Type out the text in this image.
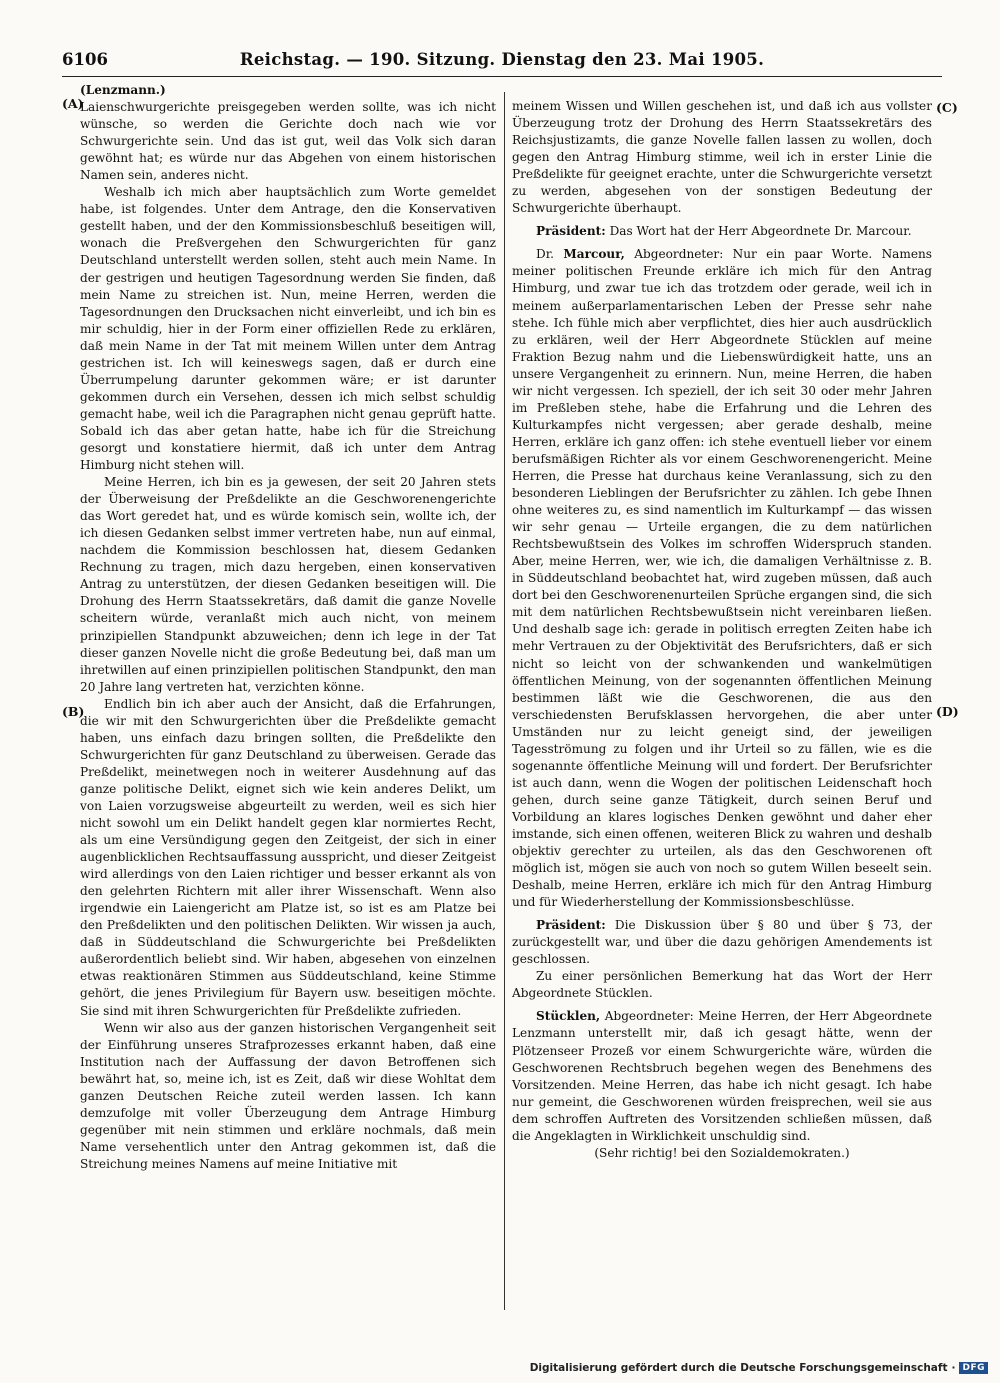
6106	Reichstag. — 190. Sitzung. Dienstag den 23. Mai 1905.
(A)
(B)
(C)
(D)

(Lenzmann.)

Laienschwurgerichte preisgegeben werden sollte, was ich nicht wünsche, so werden die Gerichte doch nach wie vor Schwurgerichte sein. Und das ist gut, weil das Volk sich daran gewöhnt hat; es würde nur das Abgehen von einem historischen Namen sein, anderes nicht.

Weshalb ich mich aber hauptsächlich zum Worte gemeldet habe, ist folgendes. Unter dem Antrage, den die Konservativen gestellt haben, und der den Kommissionsbeschluß beseitigen will, wonach die Preßvergehen den Schwurgerichten für ganz Deutschland unterstellt werden sollen, steht auch mein Name. In der gestrigen und heutigen Tagesordnung werden Sie finden, daß mein Name zu streichen ist. Nun, meine Herren, werden die Tagesordnungen den Drucksachen nicht einverleibt, und ich bin es mir schuldig, hier in der Form einer offiziellen Rede zu erklären, daß mein Name in der Tat mit meinem Willen unter dem Antrag gestrichen ist. Ich will keineswegs sagen, daß er durch eine Überrumpelung darunter gekommen wäre; er ist darunter gekommen durch ein Versehen, dessen ich mich selbst schuldig gemacht habe, weil ich die Paragraphen nicht genau geprüft hatte. Sobald ich das aber getan hatte, habe ich für die Streichung gesorgt und konstatiere hiermit, daß ich unter dem Antrag Himburg nicht stehen will.

Meine Herren, ich bin es ja gewesen, der seit 20 Jahren stets der Überweisung der Preßdelikte an die Geschworenengerichte das Wort geredet hat, und es würde komisch sein, wollte ich, der ich diesen Gedanken selbst immer vertreten habe, nun auf einmal, nachdem die Kommission beschlossen hat, diesem Gedanken Rechnung zu tragen, mich dazu hergeben, einen konservativen Antrag zu unterstützen, der diesen Gedanken beseitigen will. Die Drohung des Herrn Staatssekretärs, daß damit die ganze Novelle scheitern würde, veranlaßt mich auch nicht, von meinem prinzipiellen Standpunkt abzuweichen; denn ich lege in der Tat dieser ganzen Novelle nicht die große Bedeutung bei, daß man um ihretwillen auf einen prinzipiellen politischen Standpunkt, den man 20 Jahre lang vertreten hat, verzichten könne.

Endlich bin ich aber auch der Ansicht, daß die Erfahrungen, die wir mit den Schwurgerichten über die Preßdelikte gemacht haben, uns einfach dazu bringen sollten, die Preßdelikte den Schwurgerichten für ganz Deutschland zu überweisen. Gerade das Preßdelikt, meinetwegen noch in weiterer Ausdehnung auf das ganze politische Delikt, eignet sich wie kein anderes Delikt, um von Laien vorzugsweise abgeurteilt zu werden, weil es sich hier nicht sowohl um ein Delikt handelt gegen klar normiertes Recht, als um eine Versündigung gegen den Zeitgeist, der sich in einer augenblicklichen Rechtsauffassung ausspricht, und dieser Zeitgeist wird allerdings von den Laien richtiger und besser erkannt als von den gelehrten Richtern mit aller ihrer Wissenschaft. Wenn also irgendwie ein Laiengericht am Platze ist, so ist es am Platze bei den Preßdelikten und den politischen Delikten. Wir wissen ja auch, daß in Süddeutschland die Schwurgerichte bei Preßdelikten außerordentlich beliebt sind. Wir haben, abgesehen von einzelnen etwas reaktionären Stimmen aus Süddeutschland, keine Stimme gehört, die jenes Privilegium für Bayern usw. beseitigen möchte. Sie sind mit ihren Schwurgerichten für Preßdelikte zufrieden.

Wenn wir also aus der ganzen historischen Vergangenheit seit der Einführung unseres Strafprozesses erkannt haben, daß eine Institution nach der Auffassung der davon Betroffenen sich bewährt hat, so, meine ich, ist es Zeit, daß wir diese Wohltat dem ganzen Deutschen Reiche zuteil werden lassen. Ich kann demzufolge mit voller Überzeugung dem Antrage Himburg gegenüber mit nein stimmen und erkläre nochmals, daß mein Name versehentlich unter den Antrag gekommen ist, daß die Streichung meines Namens auf meine Initiative mit

meinem Wissen und Willen geschehen ist, und daß ich aus vollster Überzeugung trotz der Drohung des Herrn Staatssekretärs des Reichsjustizamts, die ganze Novelle fallen lassen zu wollen, doch gegen den Antrag Himburg stimme, weil ich in erster Linie die Preßdelikte für geeignet erachte, unter die Schwurgerichte versetzt zu werden, abgesehen von der sonstigen Bedeutung der Schwurgerichte überhaupt.

Präsident: Das Wort hat der Herr Abgeordnete Dr. Marcour.

Dr. Marcour, Abgeordneter: Nur ein paar Worte. Namens meiner politischen Freunde erkläre ich mich für den Antrag Himburg, und zwar tue ich das trotzdem oder gerade, weil ich in meinem außerparlamentarischen Leben der Presse sehr nahe stehe. Ich fühle mich aber verpflichtet, dies hier auch ausdrücklich zu erklären, weil der Herr Abgeordnete Stücklen auf meine Fraktion Bezug nahm und die Liebenswürdigkeit hatte, uns an unsere Vergangenheit zu erinnern. Nun, meine Herren, die haben wir nicht vergessen. Ich speziell, der ich seit 30 oder mehr Jahren im Preßleben stehe, habe die Erfahrung und die Lehren des Kulturkampfes nicht vergessen; aber gerade deshalb, meine Herren, erkläre ich ganz offen: ich stehe eventuell lieber vor einem berufsmäßigen Richter als vor einem Geschworenengericht. Meine Herren, die Presse hat durchaus keine Veranlassung, sich zu den besonderen Lieblingen der Berufsrichter zu zählen. Ich gebe Ihnen ohne weiteres zu, es sind namentlich im Kulturkampf — das wissen wir sehr genau — Urteile ergangen, die zu dem natürlichen Rechtsbewußtsein des Volkes im schroffen Widerspruch standen. Aber, meine Herren, wer, wie ich, die damaligen Verhältnisse z. B. in Süddeutschland beobachtet hat, wird zugeben müssen, daß auch dort bei den Geschworenenurteilen Sprüche ergangen sind, die sich mit dem natürlichen Rechtsbewußtsein nicht vereinbaren ließen. Und deshalb sage ich: gerade in politisch erregten Zeiten habe ich mehr Vertrauen zu der Objektivität des Berufsrichters, daß er sich nicht so leicht von der schwankenden und wankelmütigen öffentlichen Meinung, von der sogenannten öffentlichen Meinung bestimmen läßt wie die Geschworenen, die aus den verschiedensten Berufsklassen hervorgehen, die aber unter Umständen nur zu leicht geneigt sind, der jeweiligen Tagesströmung zu folgen und ihr Urteil so zu fällen, wie es die sogenannte öffentliche Meinung will und fordert. Der Berufsrichter ist auch dann, wenn die Wogen der politischen Leidenschaft hoch gehen, durch seine ganze Tätigkeit, durch seinen Beruf und Vorbildung an klares logisches Denken gewöhnt und daher eher imstande, sich einen offenen, weiteren Blick zu wahren und deshalb objektiv gerechter zu urteilen, als das den Geschworenen oft möglich ist, mögen sie auch von noch so gutem Willen beseelt sein. Deshalb, meine Herren, erkläre ich mich für den Antrag Himburg und für Wiederherstellung der Kommissionsbeschlüsse.

Präsident: Die Diskussion über § 80 und über § 73, der zurückgestellt war, und über die dazu gehörigen Amendements ist geschlossen.

Zu einer persönlichen Bemerkung hat das Wort der Herr Abgeordnete Stücklen.

Stücklen, Abgeordneter: Meine Herren, der Herr Abgeordnete Lenzmann unterstellt mir, daß ich gesagt hätte, wenn der Plötzenseer Prozeß vor einem Schwurgerichte wäre, würden die Geschworenen Rechtsbruch begehen wegen des Benehmens des Vorsitzenden. Meine Herren, das habe ich nicht gesagt. Ich habe nur gemeint, die Geschworenen würden freisprechen, weil sie aus dem schroffen Auftreten des Vorsitzenden schließen müssen, daß die Angeklagten in Wirklichkeit unschuldig sind.

(Sehr richtig! bei den Sozialdemokraten.)

Digitalisierung gefördert durch die Deutsche Forschungsgemeinschaft · DFG
